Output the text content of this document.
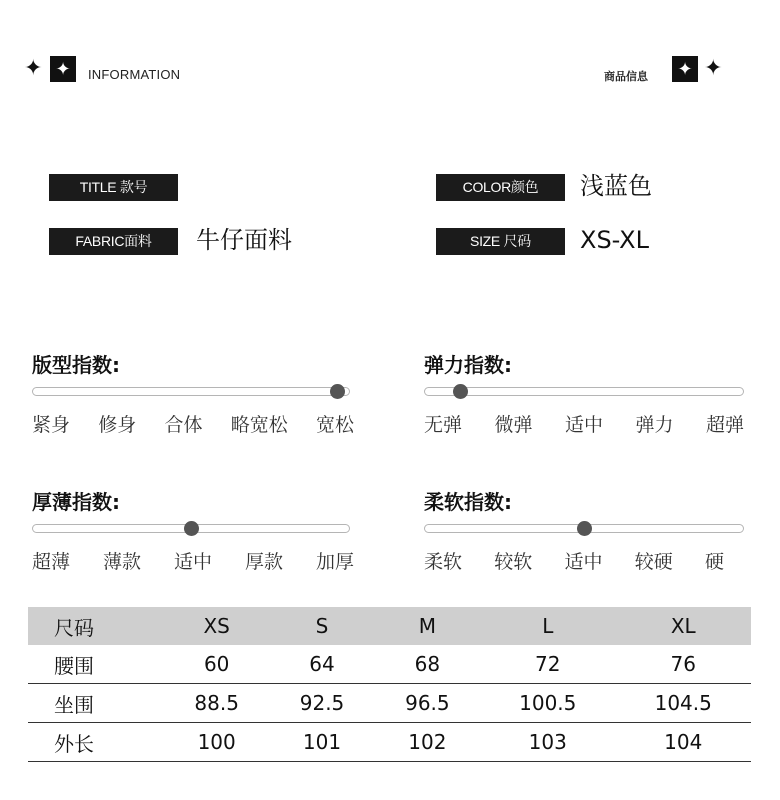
✦ ✦ INFORMATION	商品信息 ✦ ✦
TITLE 款号	COLOR颜色	浅蓝色
FABRIC面料	牛仔面料	SIZE 尺码	XS-XL
版型指数:
紧身 修身 合体 略宽松 宽松
弹力指数:
无弹 微弹 适中 弹力 超弹
厚薄指数:
超薄 薄款 适中 厚款 加厚
柔软指数:
柔软 较软 适中 较硬 硬
尺码	XS	S	M	L	XL
腰围	60	64	68	72	76
坐围	88.5	92.5	96.5	100.5	104.5
外长	100	101	102	103	104
